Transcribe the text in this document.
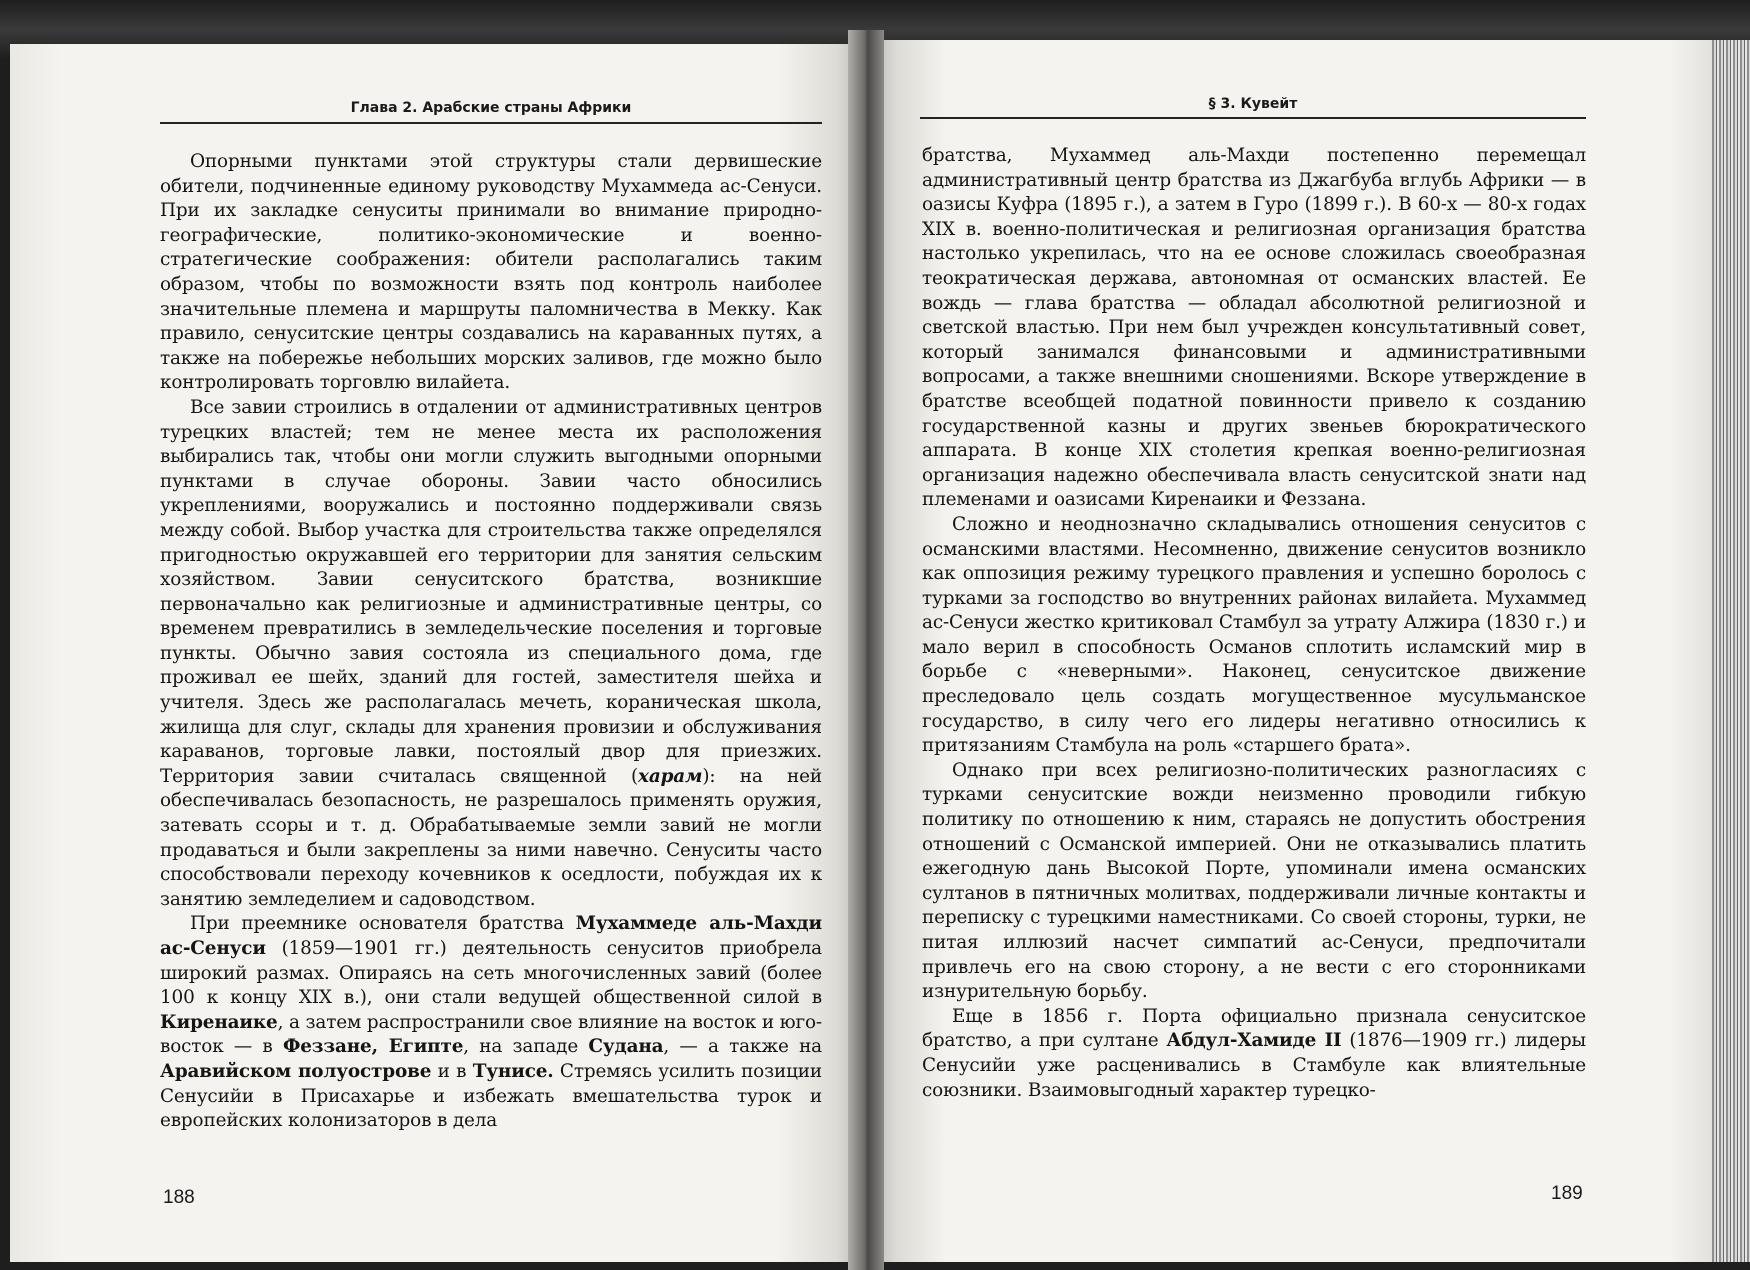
Глава 2. Арабские страны Африки

Опорными пунктами этой структуры стали дервишеские обители, подчиненные единому руководству Мухаммеда ас-Сенуси. При их закладке сенуситы принимали во внимание природно-географические, политико-экономические и военно-стратегические соображения: обители располагались таким образом, чтобы по возможности взять под контроль наиболее значительные племена и маршруты паломничества в Мекку. Как правило, сенуситские центры создавались на караванных путях, а также на побережье небольших морских заливов, где можно было контролировать торговлю вилайета.

Все завии строились в отдалении от административных центров турецких властей; тем не менее места их расположения выбирались так, чтобы они могли служить выгодными опорными пунктами в случае обороны. Завии часто обносились укреплениями, вооружались и постоянно поддерживали связь между собой. Выбор участка для строительства также определялся пригодностью окружавшей его территории для занятия сельским хозяйством. Завии сенуситского братства, возникшие первоначально как религиозные и административные центры, со временем превратились в земледельческие поселения и торговые пункты. Обычно завия состояла из специального дома, где проживал ее шейх, зданий для гостей, заместителя шейха и учителя. Здесь же располагалась мечеть, кораническая школа, жилища для слуг, склады для хранения провизии и обслуживания караванов, торговые лавки, постоялый двор для приезжих. Территория завии считалась священной (харам): на ней обеспечивалась безопасность, не разрешалось применять оружия, затевать ссоры и т. д. Обрабатываемые земли завий не могли продаваться и были закреплены за ними навечно. Сенуситы часто способствовали переходу кочевников к оседлости, побуждая их к занятию земледелием и садоводством.

При преемнике основателя братства Мухаммеде аль-Махди ас-Сенуси (1859—1901 гг.) деятельность сенуситов приобрела широкий размах. Опираясь на сеть многочисленных завий (более 100 к концу XIX в.), они стали ведущей общественной силой в Киренаике, а затем распространили свое влияние на восток и юго-восток — в Феззане, Египте, на западе Судана, — а также на Аравийском полуострове и в Тунисе. Стремясь усилить позиции Сенусийи в Присахарье и избежать вмешательства турок и европейских колонизаторов в дела

188
§ 3. Кувейт

братства, Мухаммед аль-Махди постепенно перемещал административный центр братства из Джагбуба вглубь Африки — в оазисы Куфра (1895 г.), а затем в Гуро (1899 г.). В 60-х — 80-х годах XIX в. военно-политическая и религиозная организация братства настолько укрепилась, что на ее основе сложилась своеобразная теократическая держава, автономная от османских властей. Ее вождь — глава братства — обладал абсолютной религиозной и светской властью. При нем был учрежден консультативный совет, который занимался финансовыми и административными вопросами, а также внешними сношениями. Вскоре утверждение в братстве всеобщей податной повинности привело к созданию государственной казны и других звеньев бюрократического аппарата. В конце XIX столетия крепкая военно-религиозная организация надежно обеспечивала власть сенуситской знати над племенами и оазисами Киренаики и Феззана.

Сложно и неоднозначно складывались отношения сенуситов с османскими властями. Несомненно, движение сенуситов возникло как оппозиция режиму турецкого правления и успешно боролось с турками за господство во внутренних районах вилайета. Мухаммед ас-Сенуси жестко критиковал Стамбул за утрату Алжира (1830 г.) и мало верил в способность Османов сплотить исламский мир в борьбе с «неверными». Наконец, сенуситское движение преследовало цель создать могущественное мусульманское государство, в силу чего его лидеры негативно относились к притязаниям Стамбула на роль «старшего брата».

Однако при всех религиозно-политических разногласиях с турками сенуситские вожди неизменно проводили гибкую политику по отношению к ним, стараясь не допустить обострения отношений с Османской империей. Они не отказывались платить ежегодную дань Высокой Порте, упоминали имена османских султанов в пятничных молитвах, поддерживали личные контакты и переписку с турецкими наместниками. Со своей стороны, турки, не питая иллюзий насчет симпатий ас-Сенуси, предпочитали привлечь его на свою сторону, а не вести с его сторонниками изнурительную борьбу.

Еще в 1856 г. Порта официально признала сенуситское братство, а при султане Абдул-Хамиде II (1876—1909 гг.) лидеры Сенусийи уже расценивались в Стамбуле как влиятельные союзники. Взаимовыгодный характер турецко-

189
